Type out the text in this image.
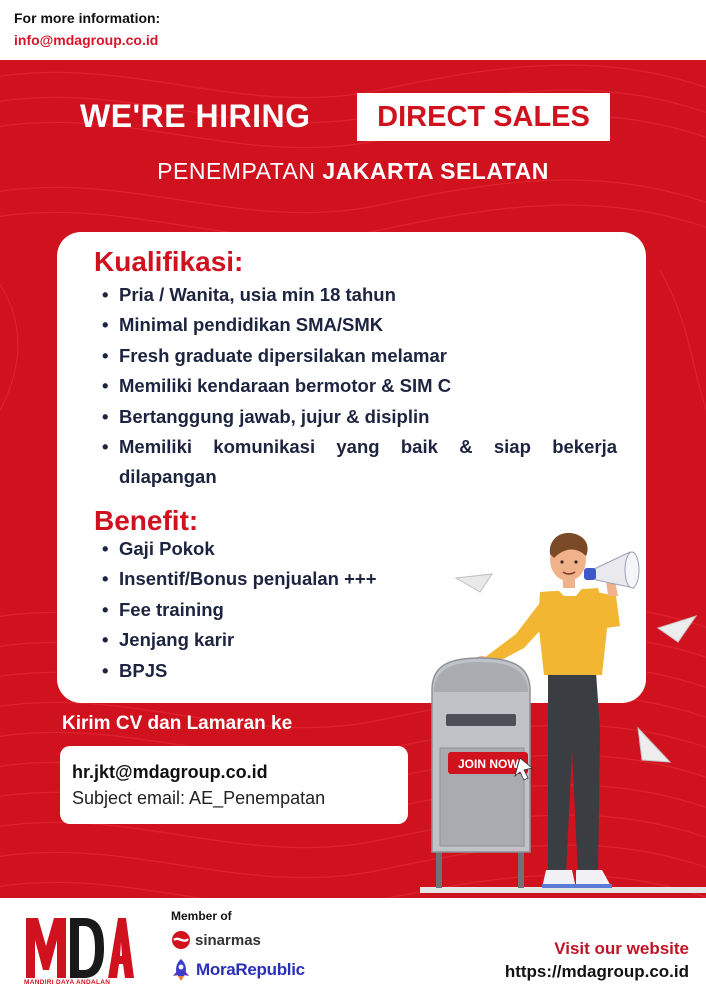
For more information:
info@mdagroup.co.id
WE'RE HIRING	DIRECT SALES
PENEMPATAN JAKARTA SELATAN
Kualifikasi:
• Pria / Wanita, usia min 18 tahun
• Minimal pendidikan SMA/SMK
• Fresh graduate dipersilakan melamar
• Memiliki kendaraan bermotor & SIM C
• Bertanggung jawab, jujur & disiplin
• Memiliki komunikasi yang baik & siap bekerja dilapangan
Benefit:
• Gaji Pokok
• Insentif/Bonus penjualan +++
• Fee training
• Jenjang karir
• BPJS
Kirim CV dan Lamaran ke
hr.jkt@mdagroup.co.id
Subject email: AE_Penempatan
JOIN NOW
MANDIRI DAYA ANDALAN
Member of
sinarmas
MoraRepublic
Visit our website
https://mdagroup.co.id
